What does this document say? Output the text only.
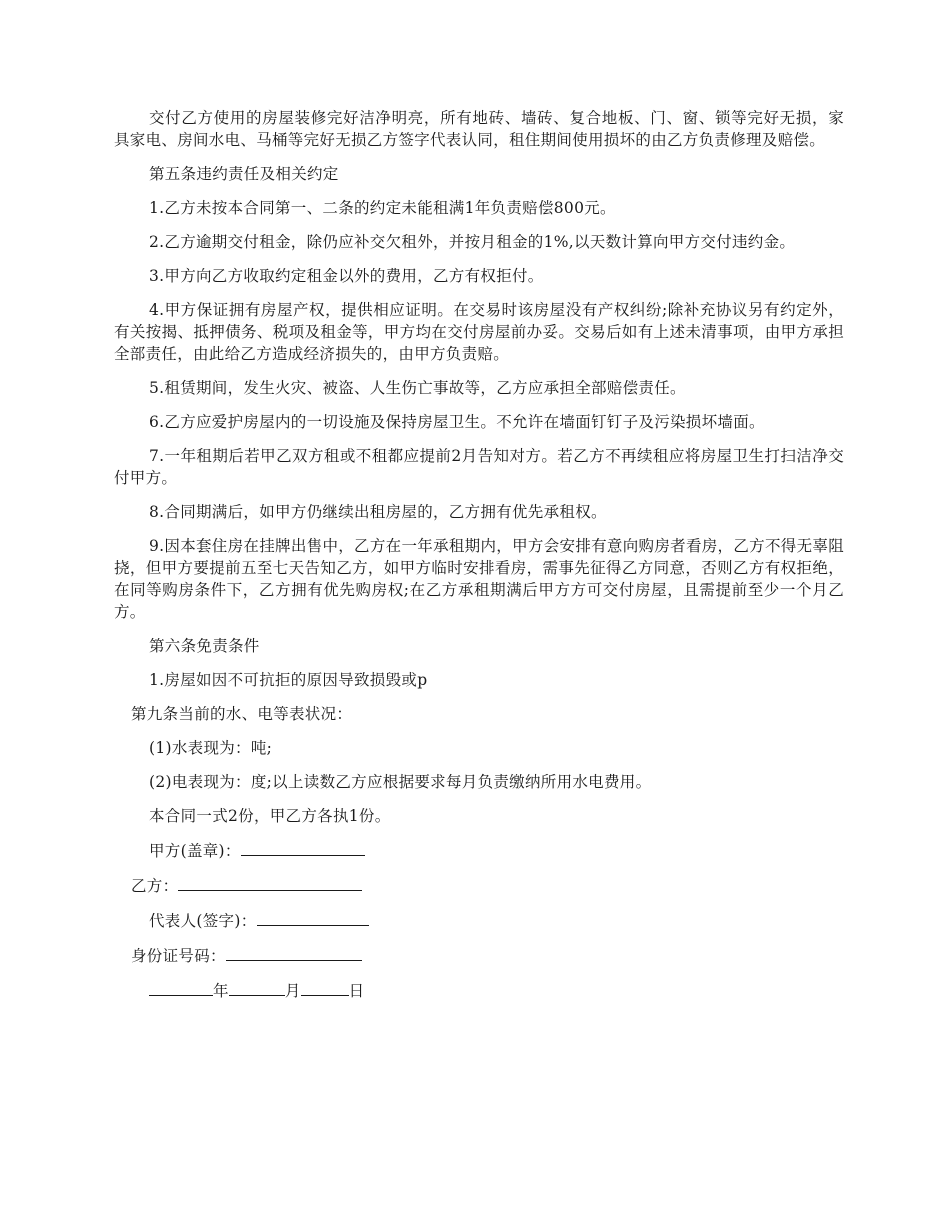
交付乙方使用的房屋装修完好洁净明亮，所有地砖、墙砖、复合地板、门、窗、锁等完好无损，家具家电、房间水电、马桶等完好无损乙方签字代表认同，租住期间使用损坏的由乙方负责修理及赔偿。

第五条违约责任及相关约定

1.乙方未按本合同第一、二条的约定未能租满1年负责赔偿800元。

2.乙方逾期交付租金，除仍应补交欠租外，并按月租金的1%,以天数计算向甲方交付违约金。

3.甲方向乙方收取约定租金以外的费用，乙方有权拒付。

4.甲方保证拥有房屋产权，提供相应证明。在交易时该房屋没有产权纠纷;除补充协议另有约定外，有关按揭、抵押债务、税项及租金等，甲方均在交付房屋前办妥。交易后如有上述未清事项，由甲方承担全部责任，由此给乙方造成经济损失的，由甲方负责赔。

5.租赁期间，发生火灾、被盗、人生伤亡事故等，乙方应承担全部赔偿责任。

6.乙方应爱护房屋内的一切设施及保持房屋卫生。不允许在墙面钉钉子及污染损坏墙面。

7.一年租期后若甲乙双方租或不租都应提前2月告知对方。若乙方不再续租应将房屋卫生打扫洁净交付甲方。

8.合同期满后，如甲方仍继续出租房屋的，乙方拥有优先承租权。

9.因本套住房在挂牌出售中，乙方在一年承租期内，甲方会安排有意向购房者看房，乙方不得无辜阻挠，但甲方要提前五至七天告知乙方，如甲方临时安排看房，需事先征得乙方同意，否则乙方有权拒绝，在同等购房条件下，乙方拥有优先购房权;在乙方承租期满后甲方方可交付房屋，且需提前至少一个月乙方。

第六条免责条件

1.房屋如因不可抗拒的原因导致损毁或p

第九条当前的水、电等表状况：

(1)水表现为：吨;

(2)电表现为：度;以上读数乙方应根据要求每月负责缴纳所用水电费用。

本合同一式2份，甲乙方各执1份。

甲方(盖章)：
乙方：
代表人(签字)：
身份证号码：
年	月	日
